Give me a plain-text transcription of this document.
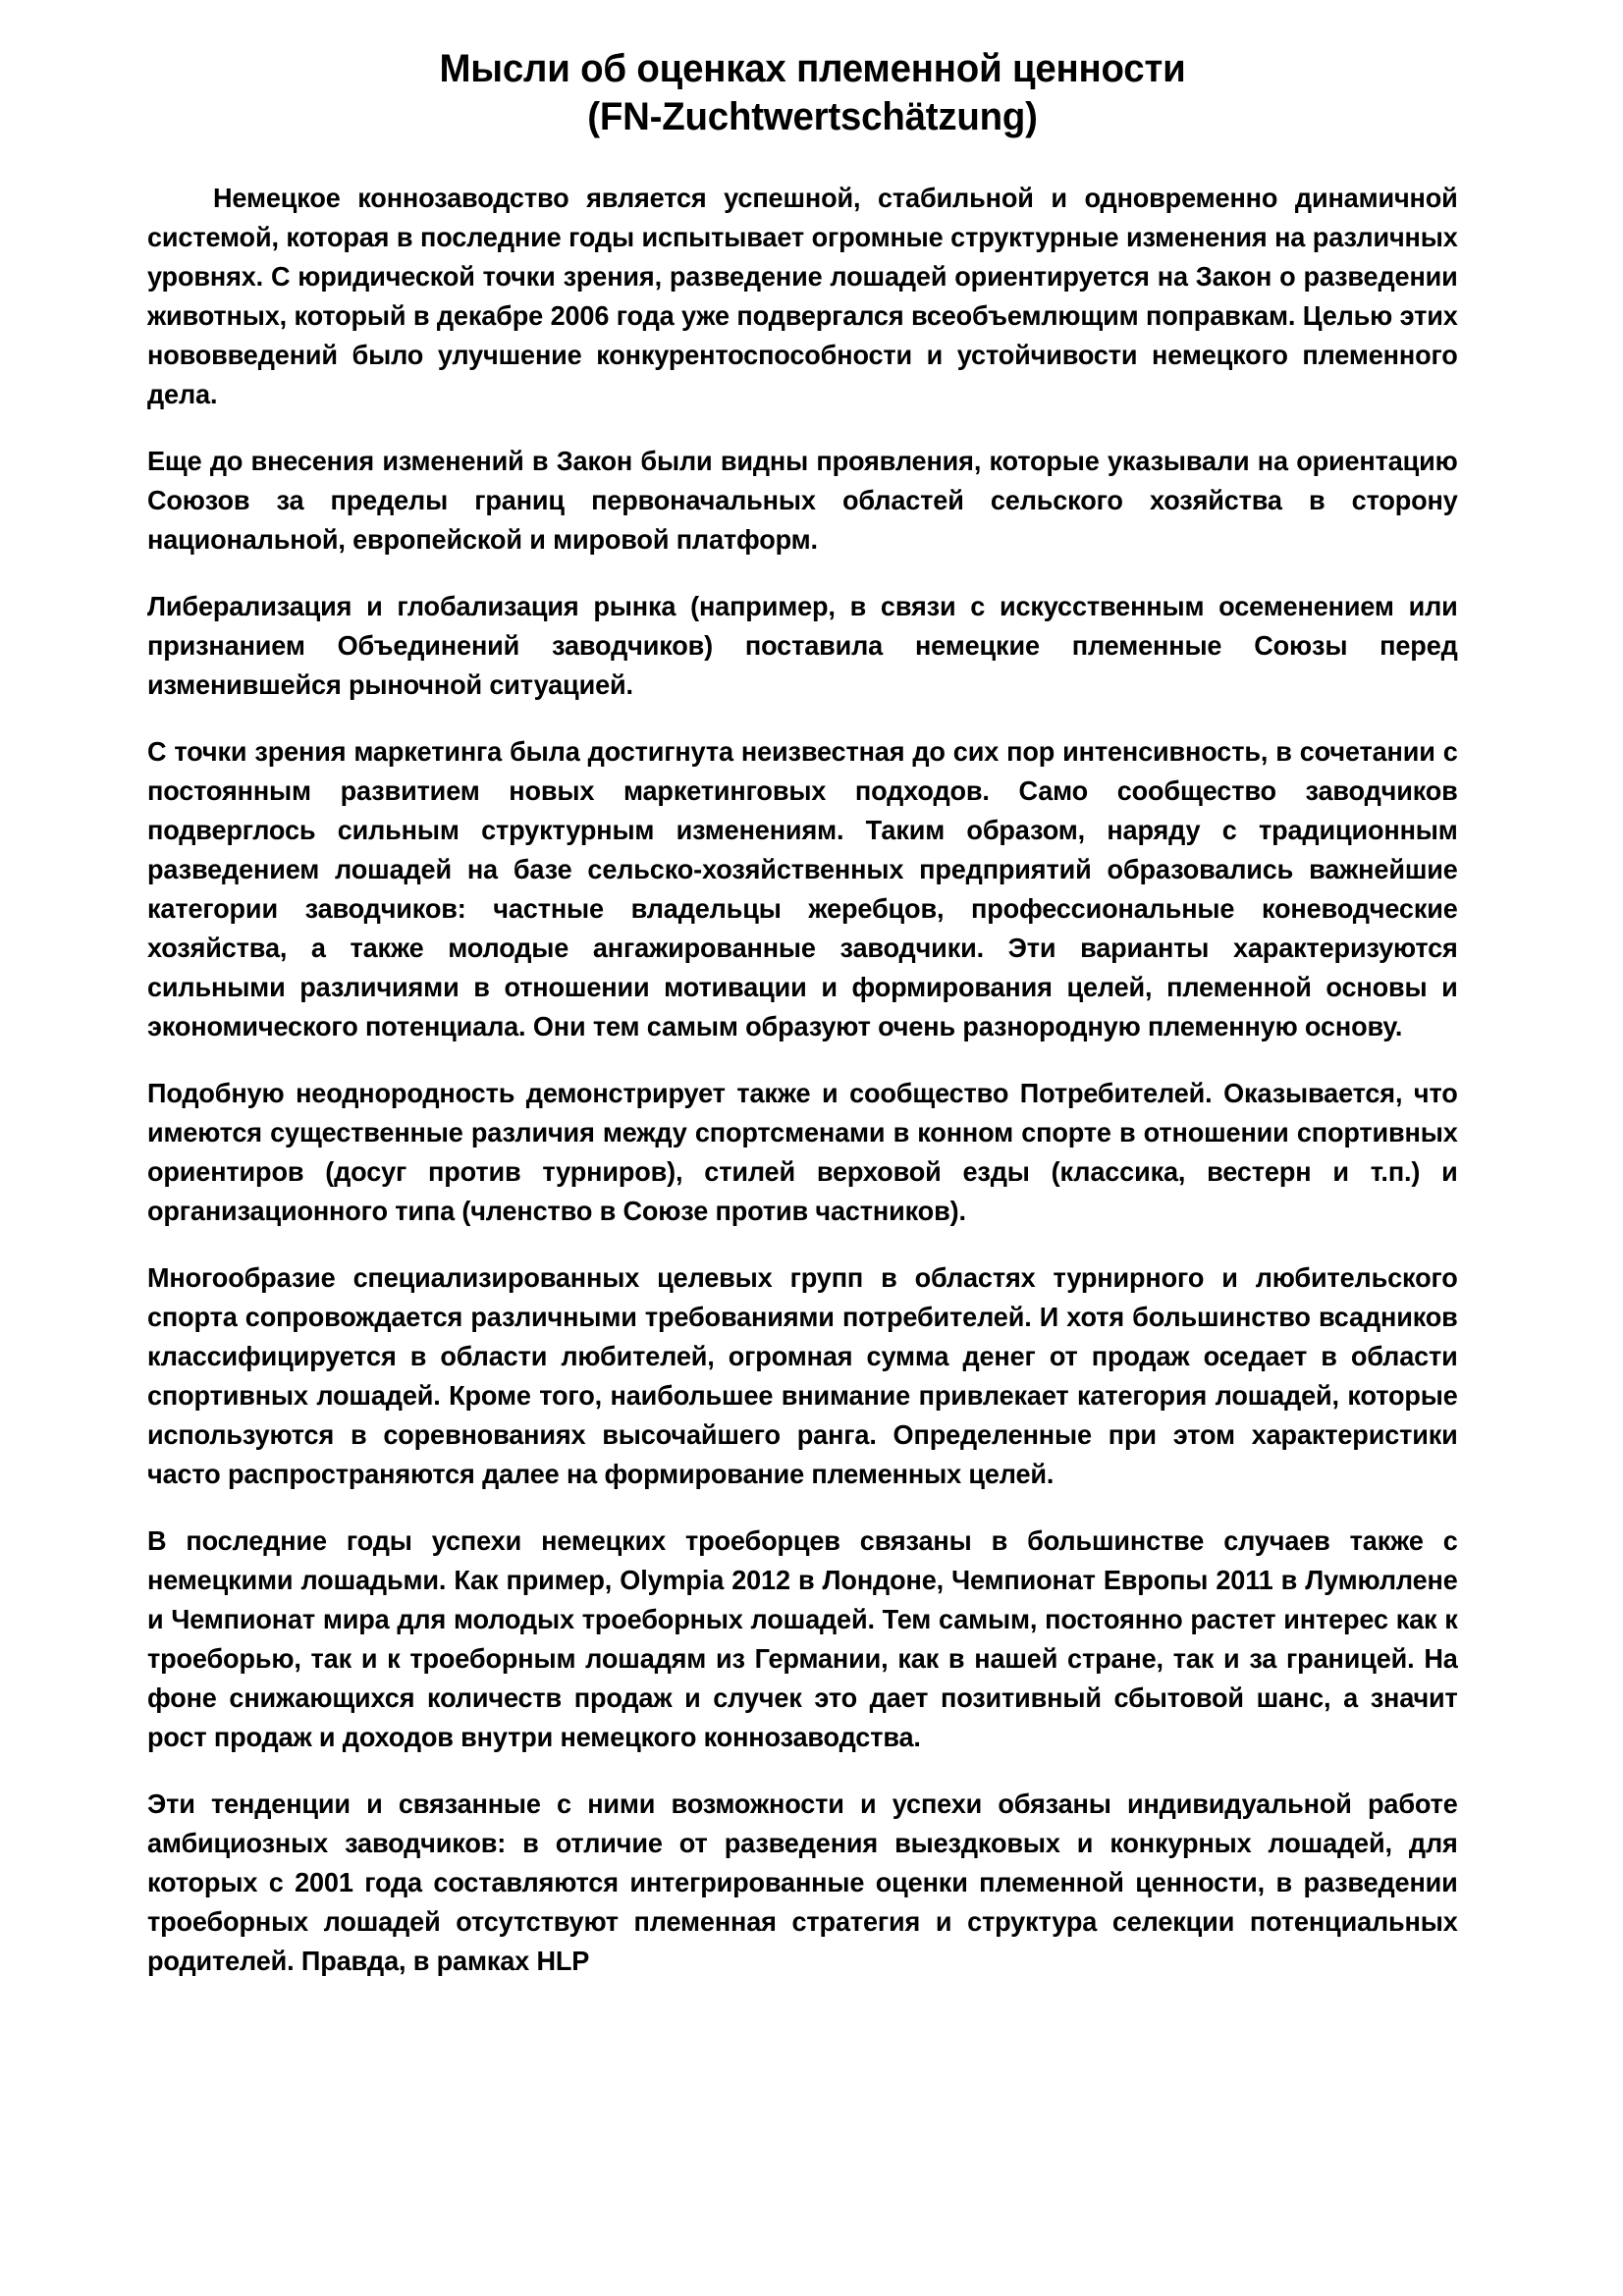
Мысли об оценках племенной ценности
(FN-Zuchtwertschätzung)

Немецкое коннозаводство является успешной, стабильной и одновременно динамичной системой, которая в последние годы испытывает огромные структурные изменения на различных уровнях. С юридической точки зрения, разведение лошадей ориентируется на Закон о разведении животных, который в декабре 2006 года уже подвергался всеобъемлющим поправкам. Целью этих нововведений было улучшение конкурентоспособности и устойчивости немецкого племенного дела.

Еще до внесения изменений в Закон были видны проявления, которые указывали на ориентацию Союзов за пределы границ первоначальных областей сельского хозяйства в сторону национальной, европейской и мировой платформ.

Либерализация и глобализация рынка (например, в связи с искусственным осеменением или признанием Объединений заводчиков) поставила немецкие племенные Союзы перед изменившейся рыночной ситуацией.

С точки зрения маркетинга была достигнута неизвестная до сих пор интенсивность, в сочетании с постоянным развитием новых маркетинговых подходов. Само сообщество заводчиков подверглось сильным структурным изменениям. Таким образом, наряду с традиционным разведением лошадей на базе сельско-хозяйственных предприятий образовались важнейшие категории заводчиков: частные владельцы жеребцов, профессиональные коневодческие хозяйства, а также молодые ангажированные заводчики. Эти варианты характеризуются сильными различиями в отношении мотивации и формирования целей, племенной основы и экономического потенциала. Они тем самым образуют очень разнородную племенную основу.

Подобную неоднородность демонстрирует также и сообщество Потребителей. Оказывается, что имеются существенные различия между спортсменами в конном спорте в отношении спортивных ориентиров (досуг против турниров), стилей верховой езды (классика, вестерн и т.п.) и организационного типа (членство в Союзе против частников).

Многообразие специализированных целевых групп в областях турнирного и любительского спорта сопровождается различными требованиями потребителей. И хотя большинство всадников классифицируется в области любителей, огромная сумма денег от продаж оседает в области спортивных лошадей. Кроме того, наибольшее внимание привлекает категория лошадей, которые используются в соревнованиях высочайшего ранга. Определенные при этом характеристики часто распространяются далее на формирование племенных целей.

В последние годы успехи немецких троеборцев связаны в большинстве случаев также с немецкими лошадьми. Как пример, Olympia 2012 в Лондоне, Чемпионат Европы 2011 в Лумюллене и Чемпионат мира для молодых троеборных лошадей. Тем самым, постоянно растет интерес как к троеборью, так и к троеборным лошадям из Германии, как в нашей стране, так и за границей. На фоне снижающихся количеств продаж и случек это дает позитивный сбытовой шанс, а значит рост продаж и доходов внутри немецкого коннозаводства.

Эти тенденции и связанные с ними возможности и успехи обязаны индивидуальной работе амбициозных заводчиков: в отличие от разведения выездковых и конкурных лошадей, для которых с 2001 года составляются интегрированные оценки племенной ценности, в разведении троеборных лошадей отсутствуют племенная стратегия и структура селекции потенциальных родителей. Правда, в рамках HLP
